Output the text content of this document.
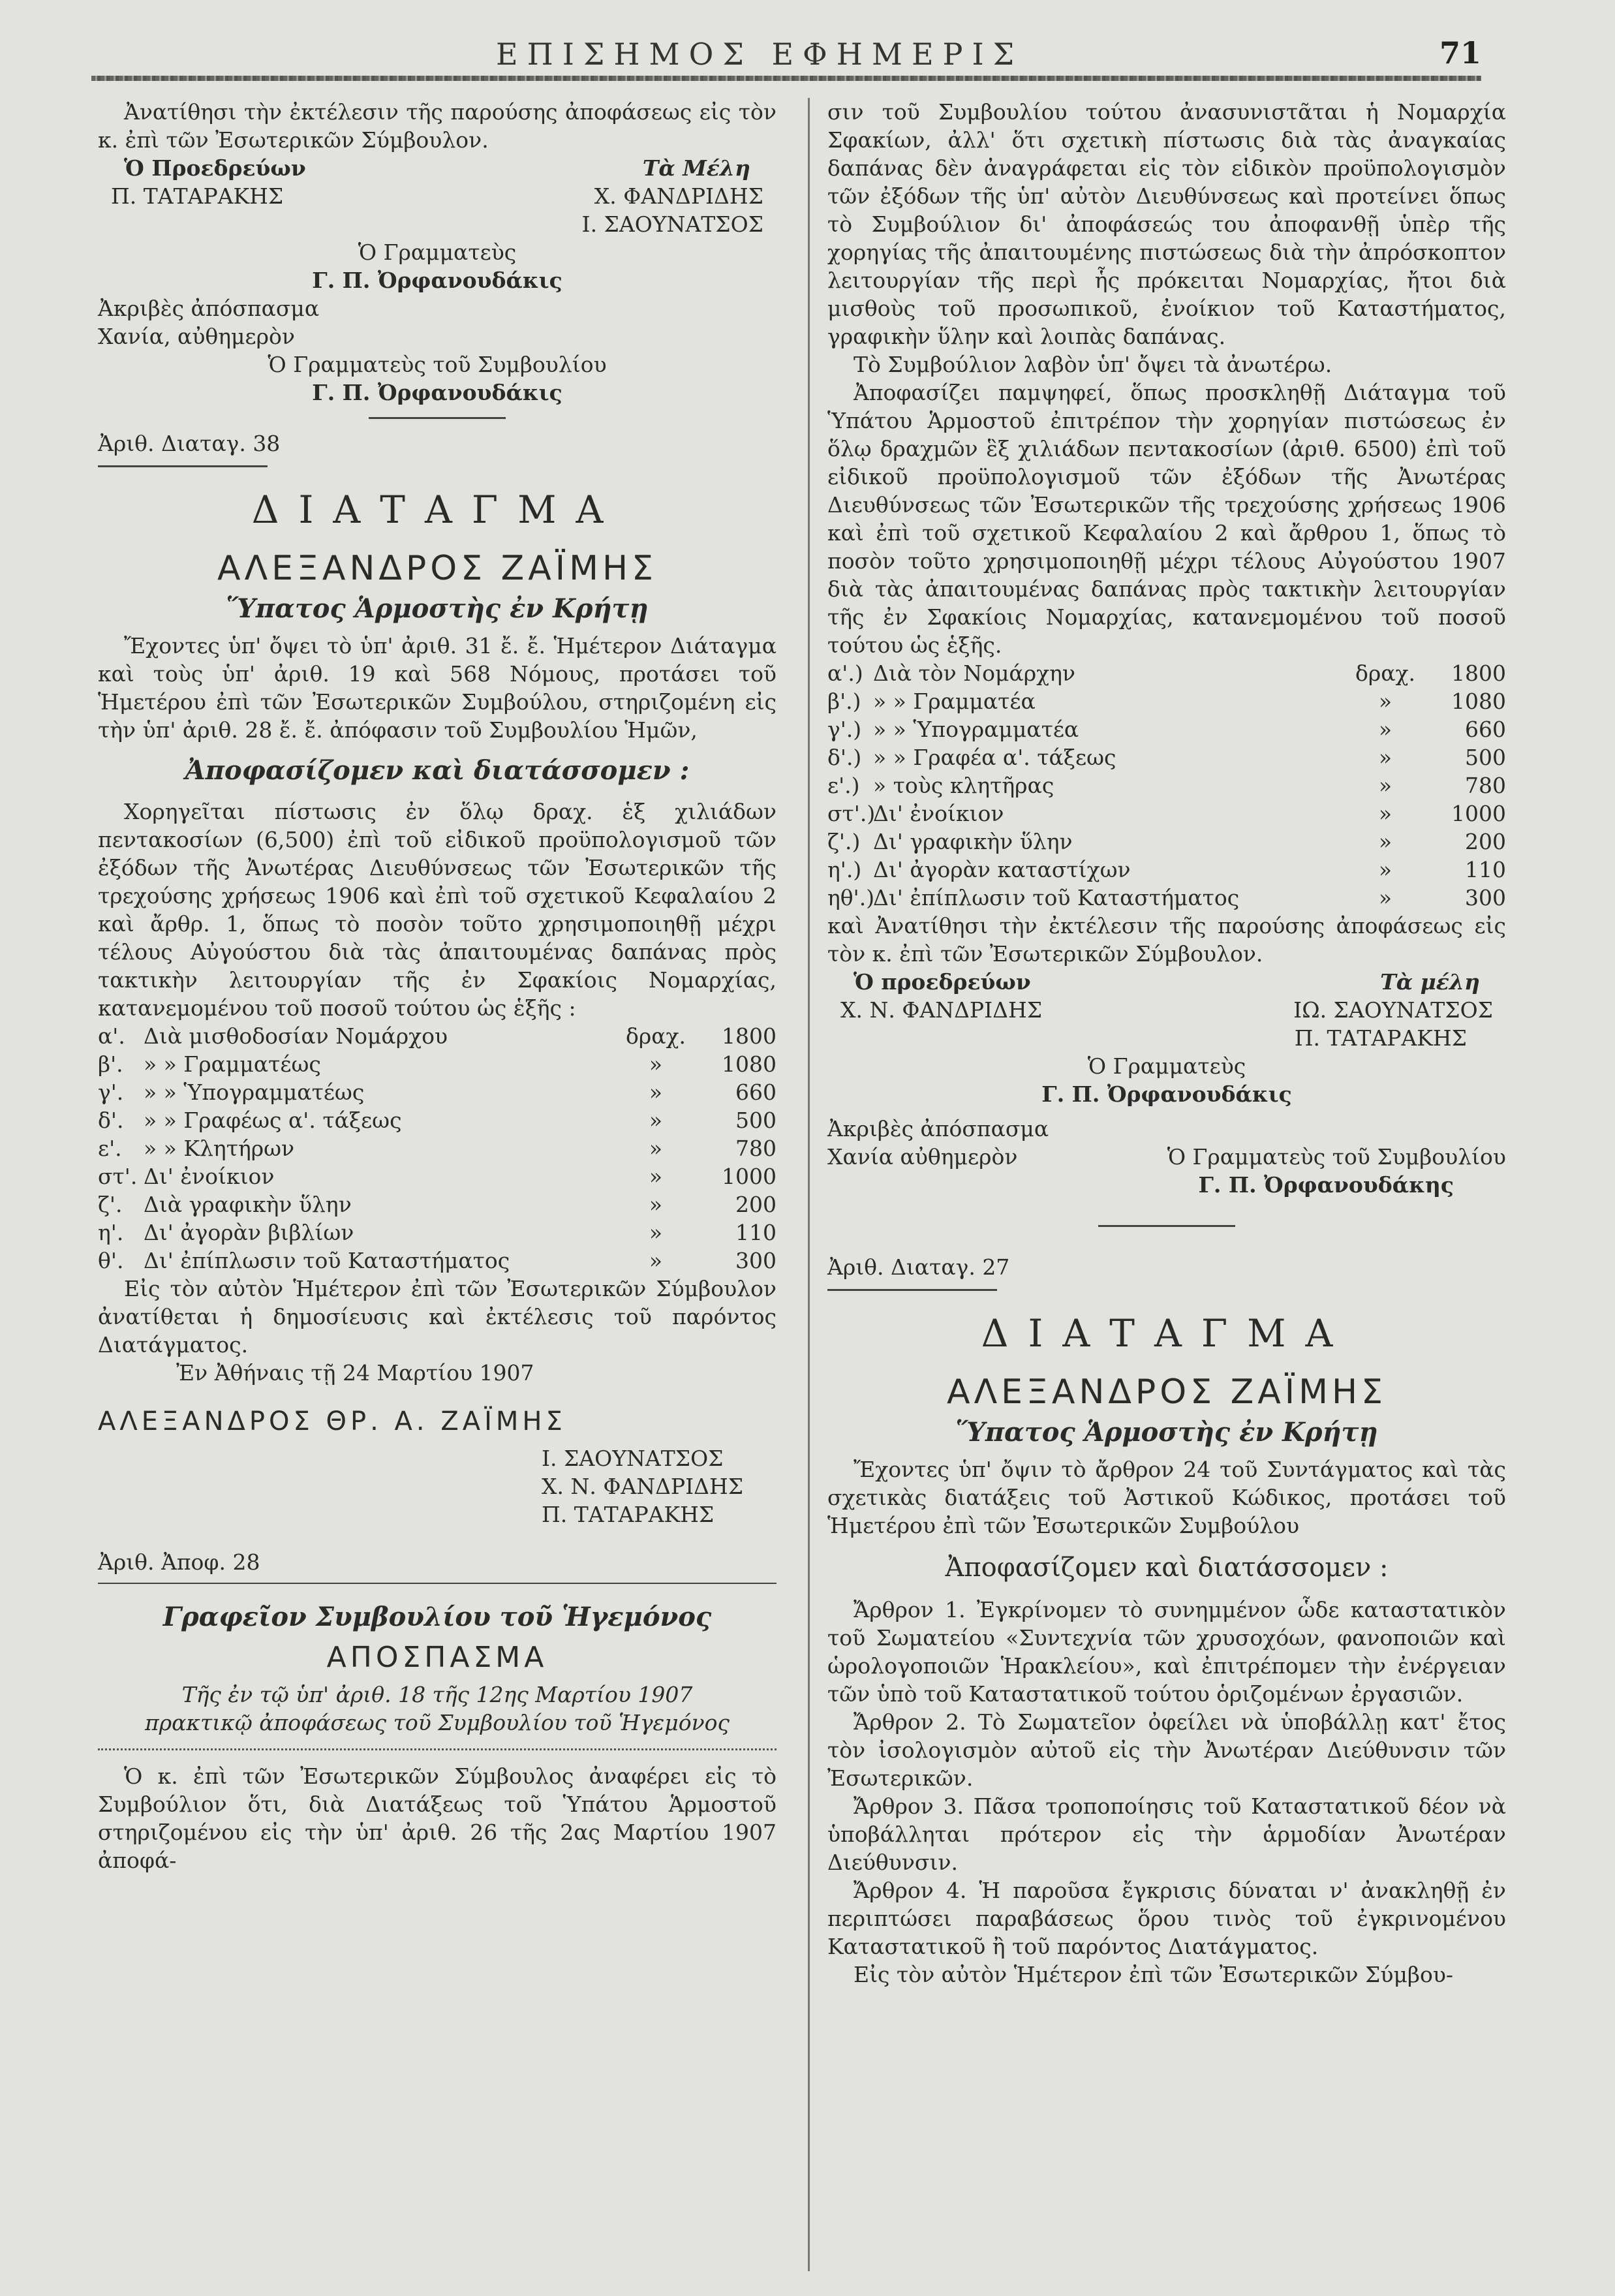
ΕΠΙΣΗΜΟΣ ΕΦΗΜΕΡΙΣ	71

Ἀνατίθησι τὴν ἐκτέλεσιν τῆς παρούσης ἀποφάσεως εἰς τὸν κ. ἐπὶ τῶν Ἐσωτερικῶν Σύμβουλον.

Ὁ Προεδρεύων	Τὰ Μέλη
Π. ΤΑΤΑΡΑΚΗΣ	Χ. ΦΑΝΔΡΙΔΗΣ
Ι. ΣΑΟΥΝΑΤΣΟΣ
Ὁ Γραμματεὺς
Γ. Π. Ὀρφανουδάκις
Ἀκριβὲς ἀπόσπασμα
Χανία, αὐθημερὸν
Ὁ Γραμματεὺς τοῦ Συμβουλίου
Γ. Π. Ὀρφανουδάκις
Ἀριθ. Διαταγ. 38
ΔΙΑΤΑΓΜΑ
ΑΛΕΞΑΝΔΡΟΣ ΖΑΪΜΗΣ
Ὕπατος Ἁρμοστὴς ἐν Κρήτῃ

Ἔχοντες ὑπ' ὄψει τὸ ὑπ' ἀριθ. 31 ἔ. ἔ. Ἡμέτερον Διάταγμα καὶ τοὺς ὑπ' ἀριθ. 19 καὶ 568 Νόμους, προτάσει τοῦ Ἡμετέρου ἐπὶ τῶν Ἐσωτερικῶν Συμβούλου, στηριζομένη εἰς τὴν ὑπ' ἀριθ. 28 ἔ. ἔ. ἀπόφασιν τοῦ Συμβουλίου Ἡμῶν,

Ἀποφασίζομεν καὶ διατάσσομεν :

Χορηγεῖται πίστωσις ἐν ὅλῳ δραχ. ἑξ χιλιάδων πεντακοσίων (6,500) ἐπὶ τοῦ εἰδικοῦ προϋπολογισμοῦ τῶν ἐξόδων τῆς Ἀνωτέρας Διευθύνσεως τῶν Ἐσωτερικῶν τῆς τρεχούσης χρήσεως 1906 καὶ ἐπὶ τοῦ σχετικοῦ Κεφαλαίου 2 καὶ ἄρθρ. 1, ὅπως τὸ ποσὸν τοῦτο χρησιμοποιηθῇ μέχρι τέλους Αὐγούστου διὰ τὰς ἀπαιτουμένας δαπάνας πρὸς τακτικὴν λειτουργίαν τῆς ἐν Σφακίοις Νομαρχίας, κατανεμομένου τοῦ ποσοῦ τούτου ὡς ἑξῆς :

α'. Διὰ μισθοδοσίαν Νομάρχου	δραχ.	1800
β'. » » Γραμματέως	»	1080
γ'. » » Ὑπογραμματέως	»	660
δ'. » » Γραφέως α'. τάξεως	»	500
ε'.	» » Κλητήρων	»	780
στ'. Δι' ἐνοίκιον	»	1000
ζ'. Διὰ γραφικὴν ὕλην	»	200
η'. Δι' ἀγορὰν βιβλίων	»	110
θ'. Δι' ἐπίπλωσιν τοῦ Καταστήματος	»	300

Εἰς τὸν αὐτὸν Ἡμέτερον ἐπὶ τῶν Ἐσωτερικῶν Σύμβουλον ἀνατίθεται ἡ δημοσίευσις καὶ ἐκτέλεσις τοῦ παρόντος Διατάγματος.

Ἐν Ἀθήναις τῇ 24 Μαρτίου 1907
ΑΛΕΞΑΝΔΡΟΣ ΘΡ. Α. ΖΑΪΜΗΣ
Ι. ΣΑΟΥΝΑΤΣΟΣ
Χ. Ν. ΦΑΝΔΡΙΔΗΣ
Π. ΤΑΤΑΡΑΚΗΣ
Ἀριθ. Ἀποφ. 28
Γραφεῖον Συμβουλίου τοῦ Ἡγεμόνος
ΑΠΟΣΠΑΣΜΑ
Τῆς ἐν τῷ ὑπ' ἀριθ. 18 τῆς 12ης Μαρτίου 1907 πρακτικῷ ἀποφάσεως τοῦ Συμβουλίου τοῦ Ἡγεμόνος

Ὁ κ. ἐπὶ τῶν Ἐσωτερικῶν Σύμβουλος ἀναφέρει εἰς τὸ Συμβούλιον ὅτι, διὰ Διατάξεως τοῦ Ὑπάτου Ἁρμοστοῦ στηριζομένου εἰς τὴν ὑπ' ἀριθ. 26 τῆς 2ας Μαρτίου 1907 ἀποφά-

σιν τοῦ Συμβουλίου τούτου ἀνασυνιστᾶται ἡ Νομαρχία Σφακίων, ἀλλ' ὅτι σχετικὴ πίστωσις διὰ τὰς ἀναγκαίας δαπάνας δὲν ἀναγράφεται εἰς τὸν εἰδικὸν προϋπολογισμὸν τῶν ἐξόδων τῆς ὑπ' αὐτὸν Διευθύνσεως καὶ προτείνει ὅπως τὸ Συμβούλιον δι' ἀποφάσεώς του ἀποφανθῇ ὑπὲρ τῆς χορηγίας τῆς ἀπαιτουμένης πιστώσεως διὰ τὴν ἀπρόσκοπτον λειτουργίαν τῆς περὶ ἧς πρόκειται Νομαρχίας, ἤτοι διὰ μισθοὺς τοῦ προσωπικοῦ, ἐνοίκιον τοῦ Καταστήματος, γραφικὴν ὕλην καὶ λοιπὰς δαπάνας.

Τὸ Συμβούλιον λαβὸν ὑπ' ὄψει τὰ ἀνωτέρω.

Ἀποφασίζει παμψηφεί, ὅπως προσκληθῇ Διάταγμα τοῦ Ὑπάτου Ἁρμοστοῦ ἐπιτρέπον τὴν χορηγίαν πιστώσεως ἐν ὅλῳ δραχμῶν ἓξ χιλιάδων πεντακοσίων (ἀριθ. 6500) ἐπὶ τοῦ εἰδικοῦ προϋπολογισμοῦ τῶν ἐξόδων τῆς Ἀνωτέρας Διευθύνσεως τῶν Ἐσωτερικῶν τῆς τρεχούσης χρήσεως 1906 καὶ ἐπὶ τοῦ σχετικοῦ Κεφαλαίου 2 καὶ ἄρθρου 1, ὅπως τὸ ποσὸν τοῦτο χρησιμοποιηθῇ μέχρι τέλους Αὐγούστου 1907 διὰ τὰς ἀπαιτουμένας δαπάνας πρὸς τακτικὴν λειτουργίαν τῆς ἐν Σφακίοις Νομαρχίας, κατανεμομένου τοῦ ποσοῦ τούτου ὡς ἑξῆς.

α'.) Διὰ τὸν Νομάρχην	δραχ.	1800
β'.) » » Γραμματέα	»	1080
γ'.) » » Ὑπογραμματέα	»	660
δ'.) » » Γραφέα α'. τάξεως	»	500
ε'.) » τοὺς κλητῆρας	»	780
στ'.)
Δι' ἐνοίκιον	»	1000
ζ'.) Δι' γραφικὴν ὕλην	»	200
η'.) Δι' ἀγορὰν καταστίχων	»	110
ηθ'.)
Δι' ἐπίπλωσιν τοῦ Καταστήματος	»	300

καὶ Ἀνατίθησι τὴν ἐκτέλεσιν τῆς παρούσης ἀποφάσεως εἰς τὸν κ. ἐπὶ τῶν Ἐσωτερικῶν Σύμβουλον.

Ὁ προεδρεύων	Τὰ μέλη
Χ. Ν. ΦΑΝΔΡΙΔΗΣ	ΙΩ. ΣΑΟΥΝΑΤΣΟΣ
Π. ΤΑΤΑΡΑΚΗΣ
Ὁ Γραμματεὺς
Γ. Π. Ὀρφανουδάκις
Ἀκριβὲς ἀπόσπασμα
Χανία αὐθημερὸν	Ὁ Γραμματεὺς τοῦ Συμβουλίου
Γ. Π. Ὀρφανουδάκης
Ἀριθ. Διαταγ. 27
ΔΙΑΤΑΓΜΑ
ΑΛΕΞΑΝΔΡΟΣ ΖΑΪΜΗΣ
Ὕπατος Ἁρμοστὴς ἐν Κρήτῃ

Ἔχοντες ὑπ' ὄψιν τὸ ἄρθρον 24 τοῦ Συντάγματος καὶ τὰς σχετικὰς διατάξεις τοῦ Ἀστικοῦ Κώδικος, προτάσει τοῦ Ἡμετέρου ἐπὶ τῶν Ἐσωτερικῶν Συμβούλου

Ἀποφασίζομεν καὶ διατάσσομεν :

Ἄρθρον 1. Ἐγκρίνομεν τὸ συνημμένον ὧδε καταστατικὸν τοῦ Σωματείου «Συντεχνία τῶν χρυσοχόων, φανοποιῶν καὶ ὡρολογοποιῶν Ἡρακλείου», καὶ ἐπιτρέπομεν τὴν ἐνέργειαν τῶν ὑπὸ τοῦ Καταστατικοῦ τούτου ὁριζομένων ἐργασιῶν.

Ἄρθρον 2. Τὸ Σωματεῖον ὀφείλει νὰ ὑποβάλλῃ κατ' ἔτος τὸν ἰσολογισμὸν αὐτοῦ εἰς τὴν Ἀνωτέραν Διεύθυνσιν τῶν Ἐσωτερικῶν.

Ἄρθρον 3. Πᾶσα τροποποίησις τοῦ Καταστατικοῦ δέον νὰ ὑποβάλληται πρότερον εἰς τὴν ἁρμοδίαν Ἀνωτέραν Διεύθυνσιν.

Ἄρθρον 4. Ἡ παροῦσα ἔγκρισις δύναται ν' ἀνακληθῇ ἐν περιπτώσει παραβάσεως ὅρου τινὸς τοῦ ἐγκρινομένου Καταστατικοῦ ἢ τοῦ παρόντος Διατάγματος.

Εἰς τὸν αὐτὸν Ἡμέτερον ἐπὶ τῶν Ἐσωτερικῶν Σύμβου-
